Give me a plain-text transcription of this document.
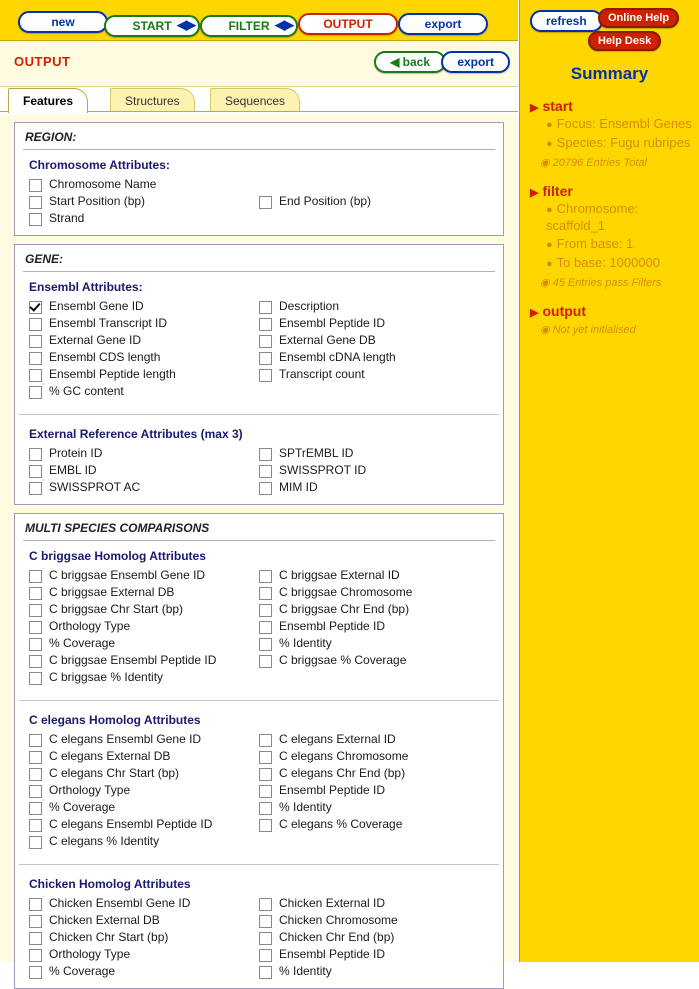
new	START ◀▶	FILTER ◀▶	OUTPUT	export
OUTPUT	◀ back	export
Features	Structures	Sequences
REGION:
Chromosome Attributes:
Chromosome Name
Start Position (bp)	End Position (bp)
Strand
GENE:
Ensembl Attributes:
Ensembl Gene ID	Description
Ensembl Transcript ID	Ensembl Peptide ID
External Gene ID	External Gene DB
Ensembl CDS length	Ensembl cDNA length
Ensembl Peptide length	Transcript count
% GC content
External Reference Attributes (max 3)
Protein ID	SPTrEMBL ID
EMBL ID	SWISSPROT ID
SWISSPROT AC	MIM ID
MULTI SPECIES COMPARISONS
C briggsae Homolog Attributes
C briggsae Ensembl Gene ID	C briggsae External ID
C briggsae External DB	C briggsae Chromosome
C briggsae Chr Start (bp)	C briggsae Chr End (bp)
Orthology Type	Ensembl Peptide ID
% Coverage	% Identity
C briggsae Ensembl Peptide ID	C briggsae % Coverage
C briggsae % Identity
C elegans Homolog Attributes
C elegans Ensembl Gene ID	C elegans External ID
C elegans External DB	C elegans Chromosome
C elegans Chr Start (bp)	C elegans Chr End (bp)
Orthology Type	Ensembl Peptide ID
% Coverage	% Identity
C elegans Ensembl Peptide ID	C elegans % Coverage
C elegans % Identity
Chicken Homolog Attributes
Chicken Ensembl Gene ID	Chicken External ID
Chicken External DB	Chicken Chromosome
Chicken Chr Start (bp)	Chicken Chr End (bp)
Orthology Type	Ensembl Peptide ID
% Coverage	% Identity
refresh	Online Help
Help Desk
Summary
▶ start
● Focus: Ensembl Genes
● Species: Fugu rubripes
◉ 20796 Entries Total
▶ filter
● Chromosome: scaffold_1
● From base: 1
● To base: 1000000
◉ 45 Entries pass Filters
▶ output
◉ Not yet initialised
